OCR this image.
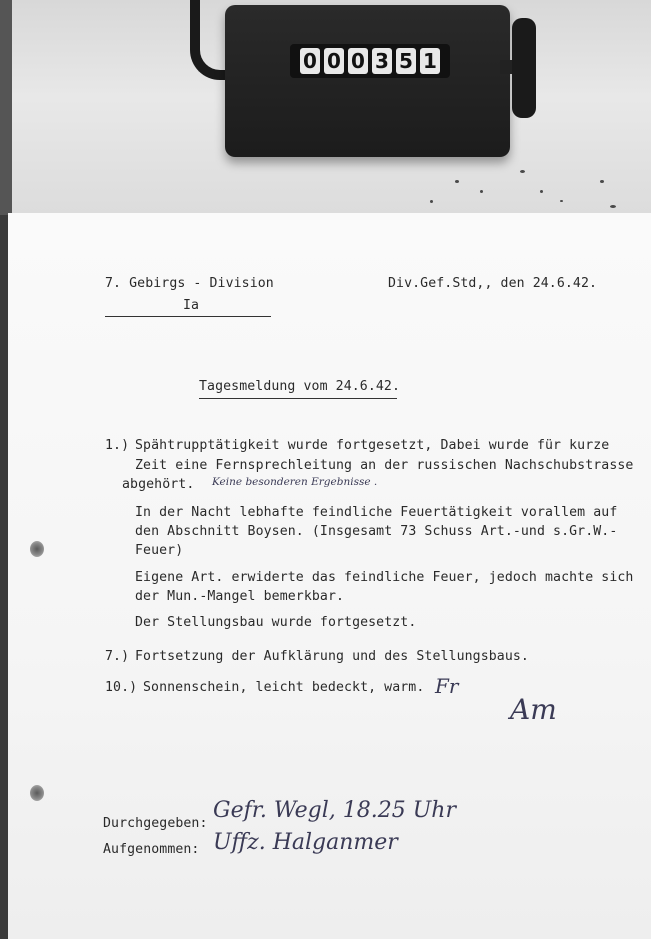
0 0 0 3 5 1
7. Gebirgs - Division
Ia
Div.Gef.Std,, den 24.6.42.
Tagesmeldung vom 24.6.42.
1.) Spähtrupptätigkeit wurde fortgesetzt, Dabei wurde für kurze
Zeit eine Fernsprechleitung an der russischen Nachschubstrasse
abgehört. Keine besonderen Ergebnisse .
In der Nacht lebhafte feindliche Feuertätigkeit vorallem auf
den Abschnitt Boysen. (Insgesamt 73 Schuss Art.-und s.Gr.W.-
Feuer)
Eigene Art. erwiderte das feindliche Feuer, jedoch machte sich
der Mun.-Mangel bemerkbar.
Der Stellungsbau wurde fortgesetzt.
7.) Fortsetzung der Aufklärung und des Stellungsbaus.
10.) Sonnenschein, leicht bedeckt, warm. Fr
Am
Durchgegeben:
Gefr. Wegl, 18.25 Uhr
Aufgenommen: Uffz. Halganmer
